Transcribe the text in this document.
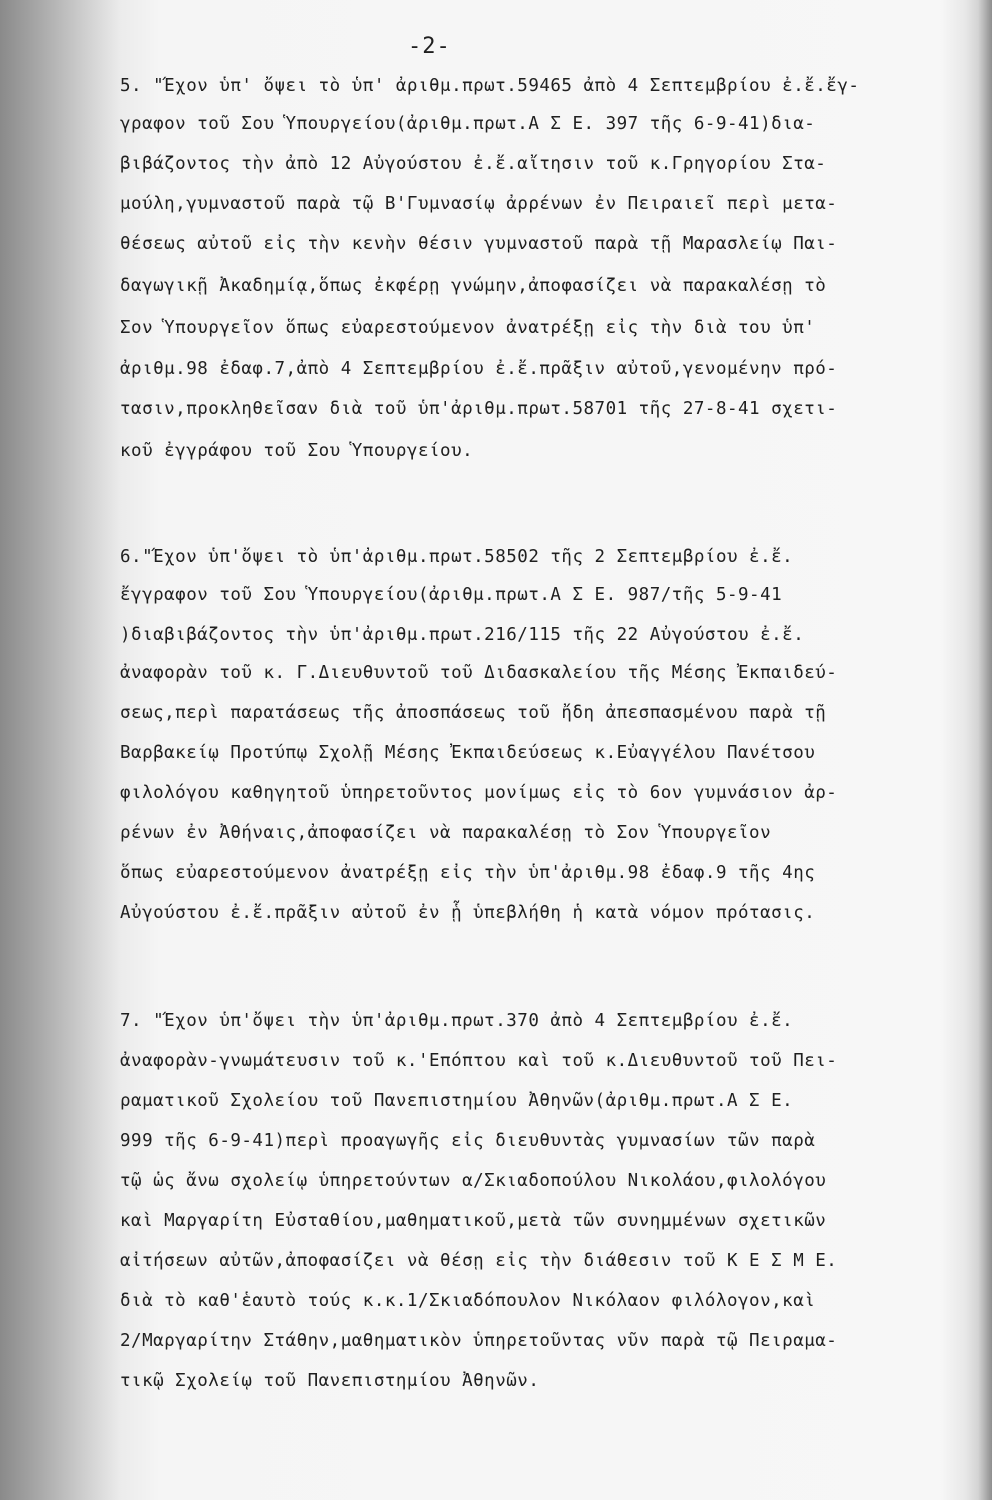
-2-
5. "Έχον ὑπ' ὄψει τὸ ὑπ' ἀριθμ.πρωτ.59465 ἀπὸ 4 Σεπτεμβρίου ἐ.ἔ.ἔγ-
γραφον τοῦ Σου Ὑπουργείου(ἀριθμ.πρωτ.Α Σ Ε. 397 τῆς 6-9-41)δια-
βιβάζοντος τὴν ἀπὸ 12 Αὐγούστου ἐ.ἔ.αἴτησιν τοῦ κ.Γρηγορίου Στα-
μούλη,γυμναστοῦ παρὰ τῷ Β'Γυμνασίῳ ἀρρένων ἐν Πειραιεῖ περὶ μετα-
θέσεως αὐτοῦ εἰς τὴν κενὴν θέσιν γυμναστοῦ παρὰ τῇ Μαρασλείῳ Παι-
δαγωγικῇ Ἀκαδημίᾳ,ὅπως ἐκφέρῃ γνώμην,ἀποφασίζει νὰ παρακαλέσῃ τὸ
Σον Ὑπουργεῖον ὅπως εὐαρεστούμενον ἀνατρέξῃ εἰς τὴν διὰ του ὑπ'
ἀριθμ.98 ἐδαφ.7,ἀπὸ 4 Σεπτεμβρίου ἐ.ἔ.πρᾶξιν αὐτοῦ,γενομένην πρό-
τασιν,προκληθεῖσαν διὰ τοῦ ὑπ'ἀριθμ.πρωτ.58701 τῆς 27-8-41 σχετι-
κοῦ ἐγγράφου τοῦ Σου Ὑπουργείου.
6."Έχον ὑπ'ὄψει τὸ ὑπ'ἀριθμ.πρωτ.58502 τῆς 2 Σεπτεμβρίου ἐ.ἔ.
ἔγγραφον τοῦ Σου Ὑπουργείου(ἀριθμ.πρωτ.Α Σ Ε. 987/τῆς 5-9-41
)διαβιβάζοντος τὴν ὑπ'ἀριθμ.πρωτ.216/115 τῆς 22 Αὐγούστου ἐ.ἔ.
ἀναφορὰν τοῦ κ. Γ.Διευθυντοῦ τοῦ Διδασκαλείου τῆς Μέσης Ἐκπαιδεύ-
σεως,περὶ παρατάσεως τῆς ἀποσπάσεως τοῦ ἤδη ἀπεσπασμένου παρὰ τῇ
Βαρβακείῳ Προτύπῳ Σχολῇ Μέσης Ἐκπαιδεύσεως κ.Εὐαγγέλου Πανέτσου
φιλολόγου καθηγητοῦ ὑπηρετοῦντος μονίμως εἰς τὸ 6ον γυμνάσιον ἀρ-
ρένων ἐν Ἀθήναις,ἀποφασίζει νὰ παρακαλέσῃ τὸ Σον Ὑπουργεῖον
ὅπως εὐαρεστούμενον ἀνατρέξῃ εἰς τὴν ὑπ'ἀριθμ.98 ἐδαφ.9 τῆς 4ης
Αὐγούστου ἐ.ἔ.πρᾶξιν αὐτοῦ ἐν ᾗ ὑπεβλήθη ἡ κατὰ νόμον πρότασις.
7. "Έχον ὑπ'ὄψει τὴν ὑπ'ἀριθμ.πρωτ.370 ἀπὸ 4 Σεπτεμβρίου ἐ.ἔ.
ἀναφορὰν-γνωμάτευσιν τοῦ κ.'Επόπτου καὶ τοῦ κ.Διευθυντοῦ τοῦ Πει-
ραματικοῦ Σχολείου τοῦ Πανεπιστημίου Ἀθηνῶν(ἀριθμ.πρωτ.Α Σ Ε.
999 τῆς 6-9-41)περὶ προαγωγῆς εἰς διευθυντὰς γυμνασίων τῶν παρὰ
τῷ ὡς ἄνω σχολείῳ ὑπηρετούντων α/Σκιαδοπούλου Νικολάου,φιλολόγου
καὶ Μαργαρίτη Εὐσταθίου,μαθηματικοῦ,μετὰ τῶν συνημμένων σχετικῶν
αἰτήσεων αὐτῶν,ἀποφασίζει νὰ θέσῃ εἰς τὴν διάθεσιν τοῦ Κ Ε Σ Μ Ε.
διὰ τὸ καθ'ἑαυτὸ τούς κ.κ.1/Σκιαδόπουλον Νικόλαον φιλόλογον,καὶ
2/Μαργαρίτην Στάθην,μαθηματικὸν ὑπηρετοῦντας νῦν παρὰ τῷ Πειραμα-
τικῷ Σχολείῳ τοῦ Πανεπιστημίου Ἀθηνῶν.
